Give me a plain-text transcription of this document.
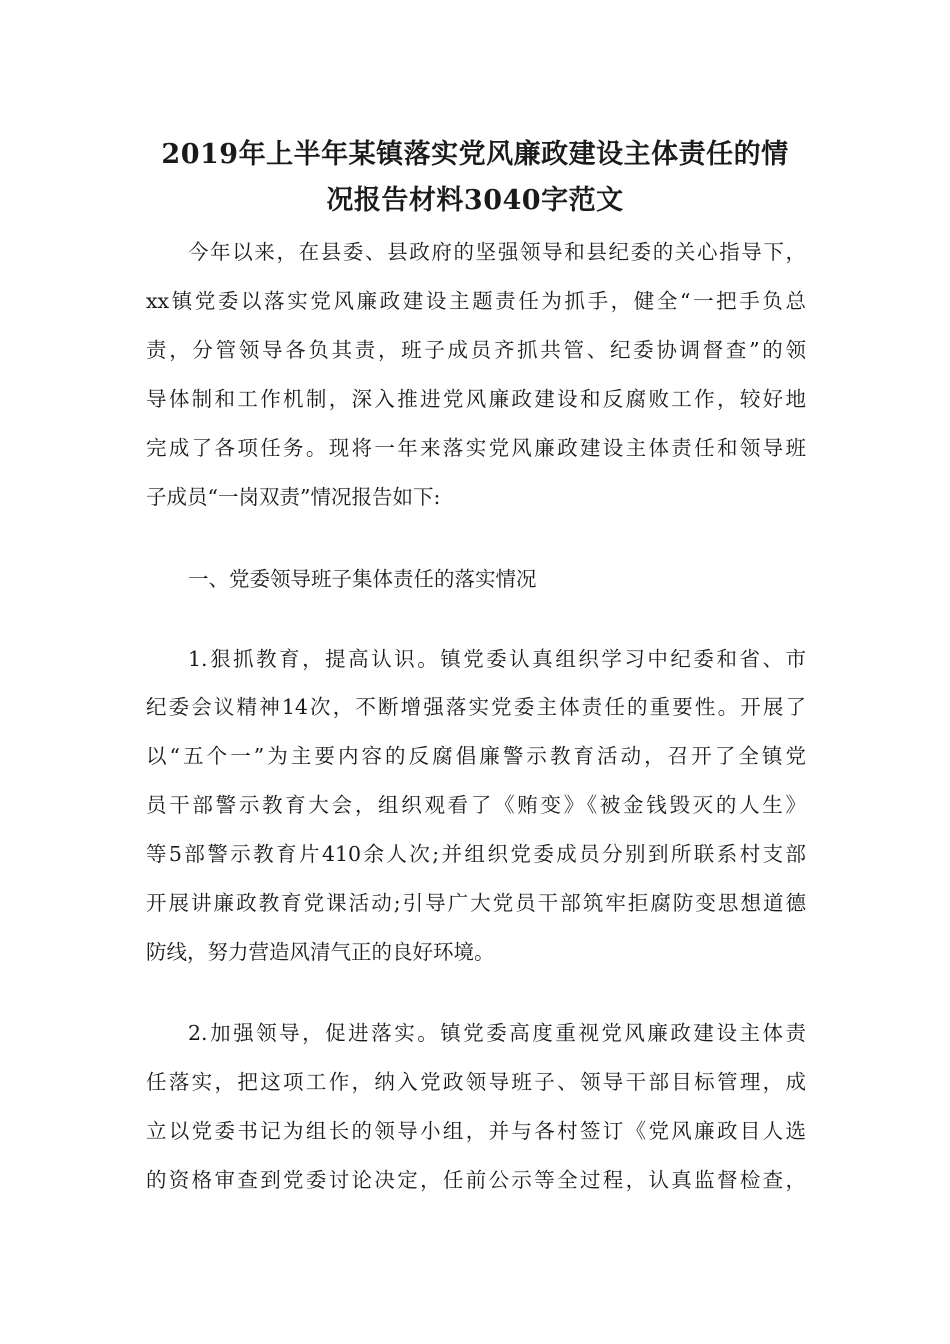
2019年上半年某镇落实党风廉政建设主体责任的情
况报告材料3040字范文
今年以来，在县委、县政府的坚强领导和县纪委的关心指导下，
xx镇党委以落实党风廉政建设主题责任为抓手，健全“一把手负总
责，分管领导各负其责，班子成员齐抓共管、纪委协调督查”的领
导体制和工作机制，深入推进党风廉政建设和反腐败工作，较好地
完成了各项任务。现将一年来落实党风廉政建设主体责任和领导班
子成员“一岗双责”情况报告如下:
一、党委领导班子集体责任的落实情况
1.狠抓教育，提高认识。镇党委认真组织学习中纪委和省、市
纪委会议精神14次，不断增强落实党委主体责任的重要性。开展了
以“五个一”为主要内容的反腐倡廉警示教育活动，召开了全镇党
员干部警示教育大会，组织观看了《贿变》《被金钱毁灭的人生》
等5部警示教育片410余人次;并组织党委成员分别到所联系村支部
开展讲廉政教育党课活动;引导广大党员干部筑牢拒腐防变思想道德
防线，努力营造风清气正的良好环境。
2.加强领导，促进落实。镇党委高度重视党风廉政建设主体责
任落实，把这项工作，纳入党政领导班子、领导干部目标管理，成
立以党委书记为组长的领导小组，并与各村签订《党风廉政目人选
的资格审查到党委讨论决定，任前公示等全过程，认真监督检查，
